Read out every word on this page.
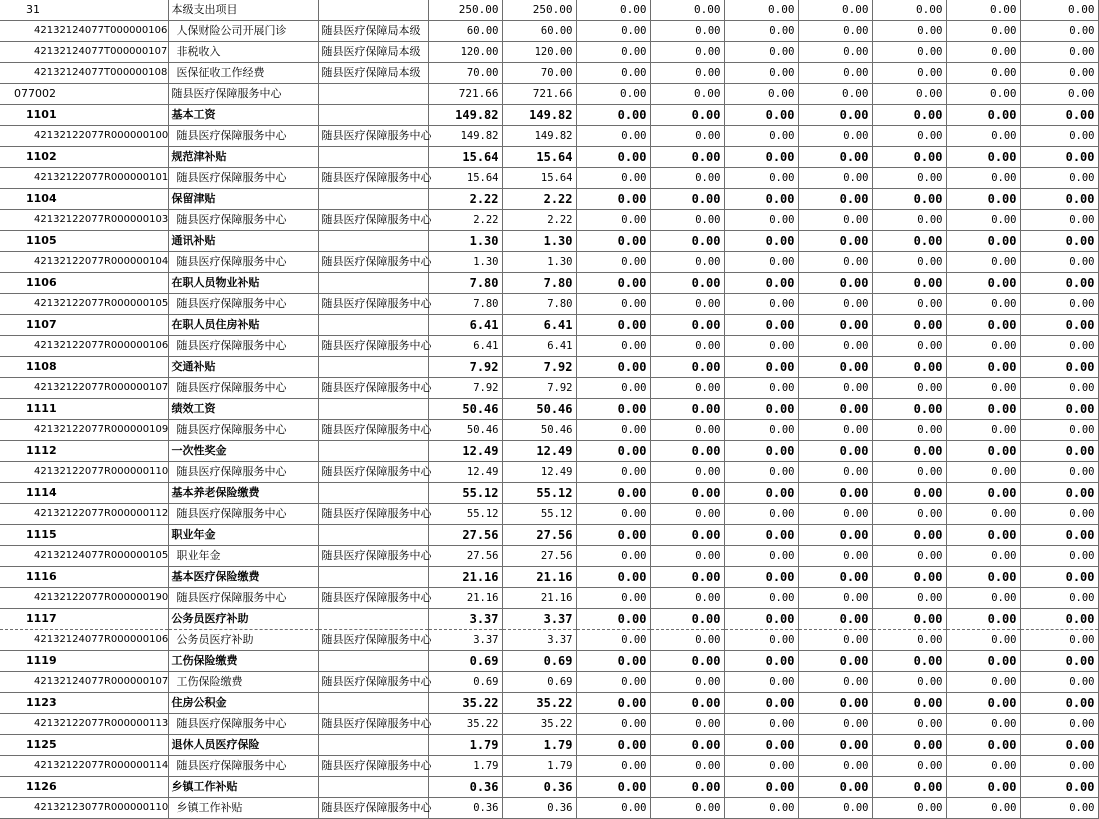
31	本级支出项目		250.00	250.00	0.00	0.00	0.00	0.00	0.00	0.00	0.00
42132124077T000000106	人保财险公司开展门诊	随县医疗保障局本级	60.00	60.00	0.00	0.00	0.00	0.00	0.00	0.00	0.00
42132124077T000000107	非税收入	随县医疗保障局本级	120.00	120.00	0.00	0.00	0.00	0.00	0.00	0.00	0.00
42132124077T000000108	医保征收工作经费	随县医疗保障局本级	70.00	70.00	0.00	0.00	0.00	0.00	0.00	0.00	0.00
077002	随县医疗保障服务中心		721.66	721.66	0.00	0.00	0.00	0.00	0.00	0.00	0.00
1101	基本工资		149.82	149.82	0.00	0.00	0.00	0.00	0.00	0.00	0.00
42132122077R000000100	随县医疗保障服务中心	随县医疗保障服务中心	149.82	149.82	0.00	0.00	0.00	0.00	0.00	0.00	0.00
1102	规范津补贴		15.64	15.64	0.00	0.00	0.00	0.00	0.00	0.00	0.00
42132122077R000000101	随县医疗保障服务中心	随县医疗保障服务中心	15.64	15.64	0.00	0.00	0.00	0.00	0.00	0.00	0.00
1104	保留津贴		2.22	2.22	0.00	0.00	0.00	0.00	0.00	0.00	0.00
42132122077R000000103	随县医疗保障服务中心	随县医疗保障服务中心	2.22	2.22	0.00	0.00	0.00	0.00	0.00	0.00	0.00
1105	通讯补贴		1.30	1.30	0.00	0.00	0.00	0.00	0.00	0.00	0.00
42132122077R000000104	随县医疗保障服务中心	随县医疗保障服务中心	1.30	1.30	0.00	0.00	0.00	0.00	0.00	0.00	0.00
1106	在职人员物业补贴		7.80	7.80	0.00	0.00	0.00	0.00	0.00	0.00	0.00
42132122077R000000105	随县医疗保障服务中心	随县医疗保障服务中心	7.80	7.80	0.00	0.00	0.00	0.00	0.00	0.00	0.00
1107	在职人员住房补贴		6.41	6.41	0.00	0.00	0.00	0.00	0.00	0.00	0.00
42132122077R000000106	随县医疗保障服务中心	随县医疗保障服务中心	6.41	6.41	0.00	0.00	0.00	0.00	0.00	0.00	0.00
1108	交通补贴		7.92	7.92	0.00	0.00	0.00	0.00	0.00	0.00	0.00
42132122077R000000107	随县医疗保障服务中心	随县医疗保障服务中心	7.92	7.92	0.00	0.00	0.00	0.00	0.00	0.00	0.00
1111	绩效工资		50.46	50.46	0.00	0.00	0.00	0.00	0.00	0.00	0.00
42132122077R000000109	随县医疗保障服务中心	随县医疗保障服务中心	50.46	50.46	0.00	0.00	0.00	0.00	0.00	0.00	0.00
1112	一次性奖金		12.49	12.49	0.00	0.00	0.00	0.00	0.00	0.00	0.00
42132122077R000000110	随县医疗保障服务中心	随县医疗保障服务中心	12.49	12.49	0.00	0.00	0.00	0.00	0.00	0.00	0.00
1114	基本养老保险缴费		55.12	55.12	0.00	0.00	0.00	0.00	0.00	0.00	0.00
42132122077R000000112	随县医疗保障服务中心	随县医疗保障服务中心	55.12	55.12	0.00	0.00	0.00	0.00	0.00	0.00	0.00
1115	职业年金		27.56	27.56	0.00	0.00	0.00	0.00	0.00	0.00	0.00
42132124077R000000105	职业年金	随县医疗保障服务中心	27.56	27.56	0.00	0.00	0.00	0.00	0.00	0.00	0.00
1116	基本医疗保险缴费		21.16	21.16	0.00	0.00	0.00	0.00	0.00	0.00	0.00
42132122077R000000190	随县医疗保障服务中心	随县医疗保障服务中心	21.16	21.16	0.00	0.00	0.00	0.00	0.00	0.00	0.00
1117	公务员医疗补助		3.37	3.37	0.00	0.00	0.00	0.00	0.00	0.00	0.00
42132124077R000000106	公务员医疗补助	随县医疗保障服务中心	3.37	3.37	0.00	0.00	0.00	0.00	0.00	0.00	0.00
1119	工伤保险缴费		0.69	0.69	0.00	0.00	0.00	0.00	0.00	0.00	0.00
42132124077R000000107	工伤保险缴费	随县医疗保障服务中心	0.69	0.69	0.00	0.00	0.00	0.00	0.00	0.00	0.00
1123	住房公积金		35.22	35.22	0.00	0.00	0.00	0.00	0.00	0.00	0.00
42132122077R000000113	随县医疗保障服务中心	随县医疗保障服务中心	35.22	35.22	0.00	0.00	0.00	0.00	0.00	0.00	0.00
1125	退休人员医疗保险		1.79	1.79	0.00	0.00	0.00	0.00	0.00	0.00	0.00
42132122077R000000114	随县医疗保障服务中心	随县医疗保障服务中心	1.79	1.79	0.00	0.00	0.00	0.00	0.00	0.00	0.00
1126	乡镇工作补贴		0.36	0.36	0.00	0.00	0.00	0.00	0.00	0.00	0.00
42132123077R000000110	乡镇工作补贴	随县医疗保障服务中心	0.36	0.36	0.00	0.00	0.00	0.00	0.00	0.00	0.00
